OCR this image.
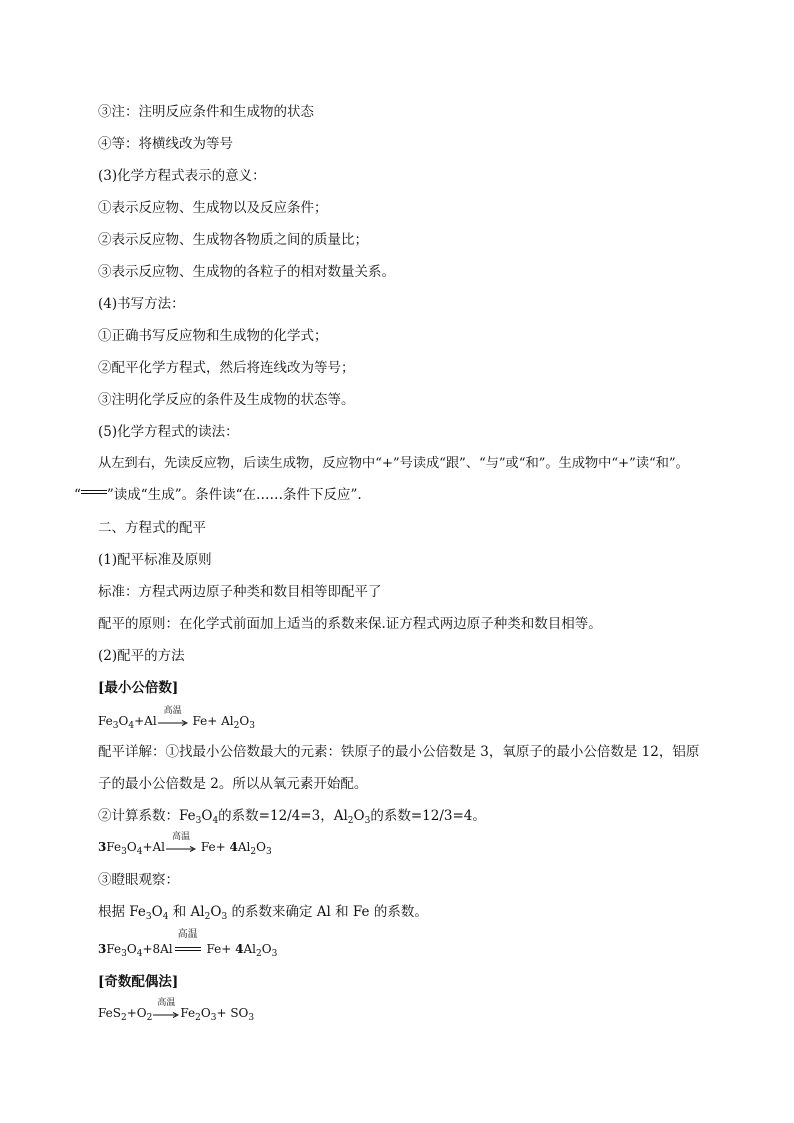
③注：注明反应条件和生成物的状态
④等：将横线改为等号
(3)化学方程式表示的意义：
①表示反应物、生成物以及反应条件；
②表示反应物、生成物各物质之间的质量比；
③表示反应物、生成物的各粒子的相对数量关系。
(4)书写方法：
①正确书写反应物和生成物的化学式；
②配平化学方程式，然后将连线改为等号；
③注明化学反应的条件及生成物的状态等。
(5)化学方程式的读法：
从左到右，先读反应物，后读生成物，反应物中“+”号读成“跟”、“与”或“和”。生成物中“+”读“和”。
“ ”读成“生成”。条件读“在……条件下反应”.
二、方程式的配平
(1)配平标准及原则
标准：方程式两边原子种类和数目相等即配平了
配平的原则：在化学式前面加上适当的系数来保.证方程式两边原子种类和数目相等。
(2)配平的方法
[最小公倍数]
$Fe_3O_4+Al$
高温
$Fe+ Al_2O_3$
配平详解：①找最小公倍数最大的元素：铁原子的最小公倍数是 3，氧原子的最小公倍数是 12，铝原
子的最小公倍数是 2。所以从氧元素开始配。
②计算系数：$Fe_3O_4$的系数=12/4=3，$Al_2O_3$的系数=12/3=4。
$3Fe_3O_4+Al$
高温
$Fe+ 4Al_2O_3$
③瞪眼观察：
根据 $Fe_3O_4$ 和 $Al_2O_3$ 的系数来确定 Al 和 Fe 的系数。
$3Fe_3O_4+8Al$
高温
$Fe+ 4Al_2O_3$
[奇数配偶法]
$FeS_2+O_2$
高温
$Fe_2O_3+ SO_3$
